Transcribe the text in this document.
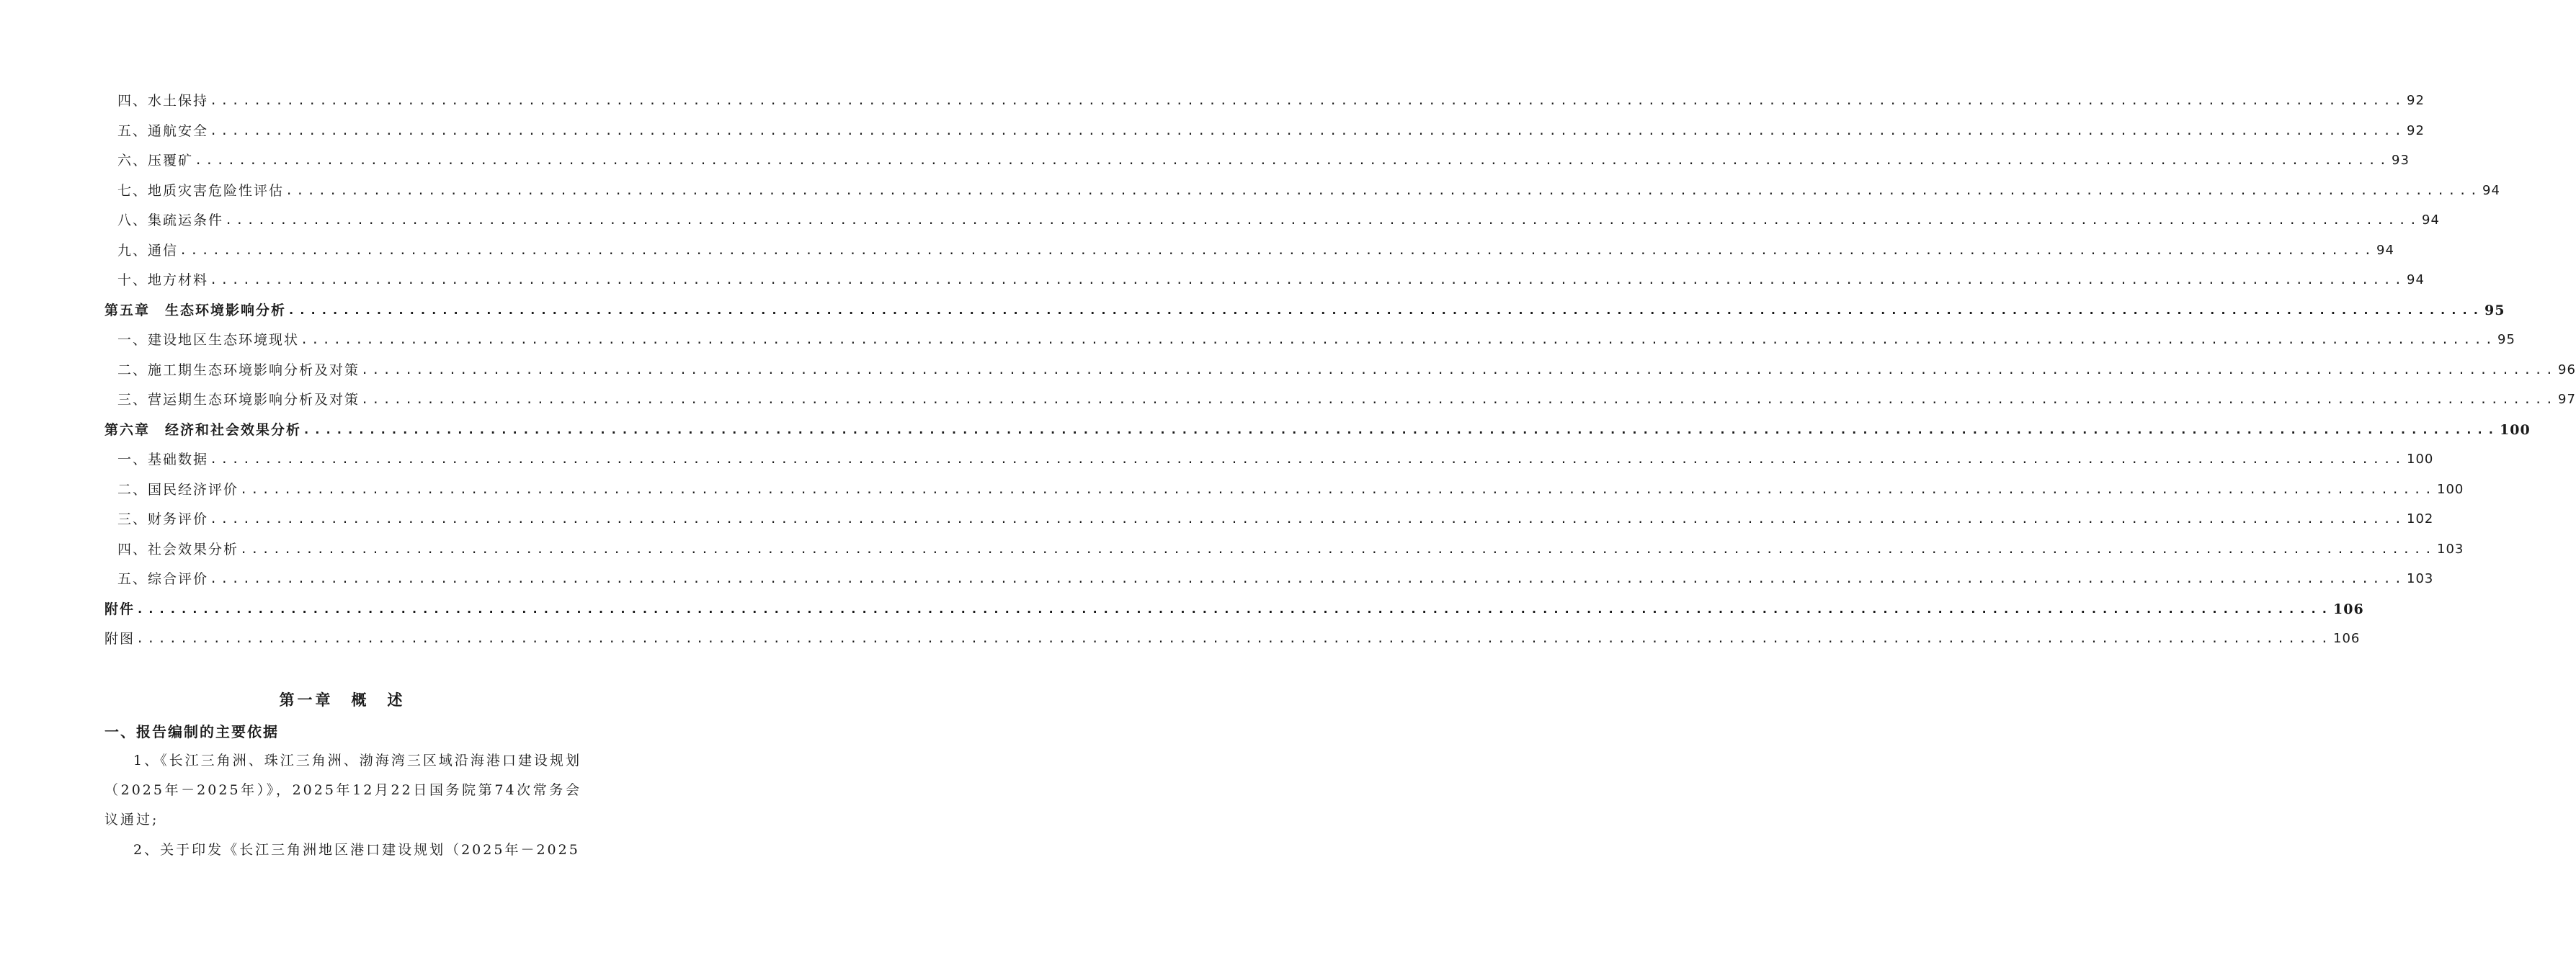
四、水土保持 ........................................................................................................................................................................................................ 92
五、通航安全 ........................................................................................................................................................................................................ 92
六、压覆矿 ........................................................................................................................................................................................................ 93
七、地质灾害危险性评估 ........................................................................................................................................................................................................ 94
八、集疏运条件 ........................................................................................................................................................................................................ 94
九、通信 ........................................................................................................................................................................................................ 94
十、地方材料 ........................................................................................................................................................................................................ 94
第五章　生态环境影响分析 ........................................................................................................................................................................................................ 95
一、建设地区生态环境现状 ........................................................................................................................................................................................................ 95
二、施工期生态环境影响分析及对策 ........................................................................................................................................................................................................ 96
三、营运期生态环境影响分析及对策 ........................................................................................................................................................................................................ 97
第六章　经济和社会效果分析 ........................................................................................................................................................................................................ 100
一、基础数据 ........................................................................................................................................................................................................ 100
二、国民经济评价 ........................................................................................................................................................................................................ 100
三、财务评价 ........................................................................................................................................................................................................ 102
四、社会效果分析 ........................................................................................................................................................................................................ 103
五、综合评价 ........................................................................................................................................................................................................ 103
附件 ........................................................................................................................................................................................................ 106
附图 ........................................................................................................................................................................................................ 106
第一章　概　述
一、报告编制的主要依据
1、《长江三角洲、珠江三角洲、渤海湾三区域沿海港口建设规划（2025年－2025年）》，2025年12月22日国务院第74次常务会议通过;
2、关于印发《长江三角洲地区港口建设规划（2025年－2025
